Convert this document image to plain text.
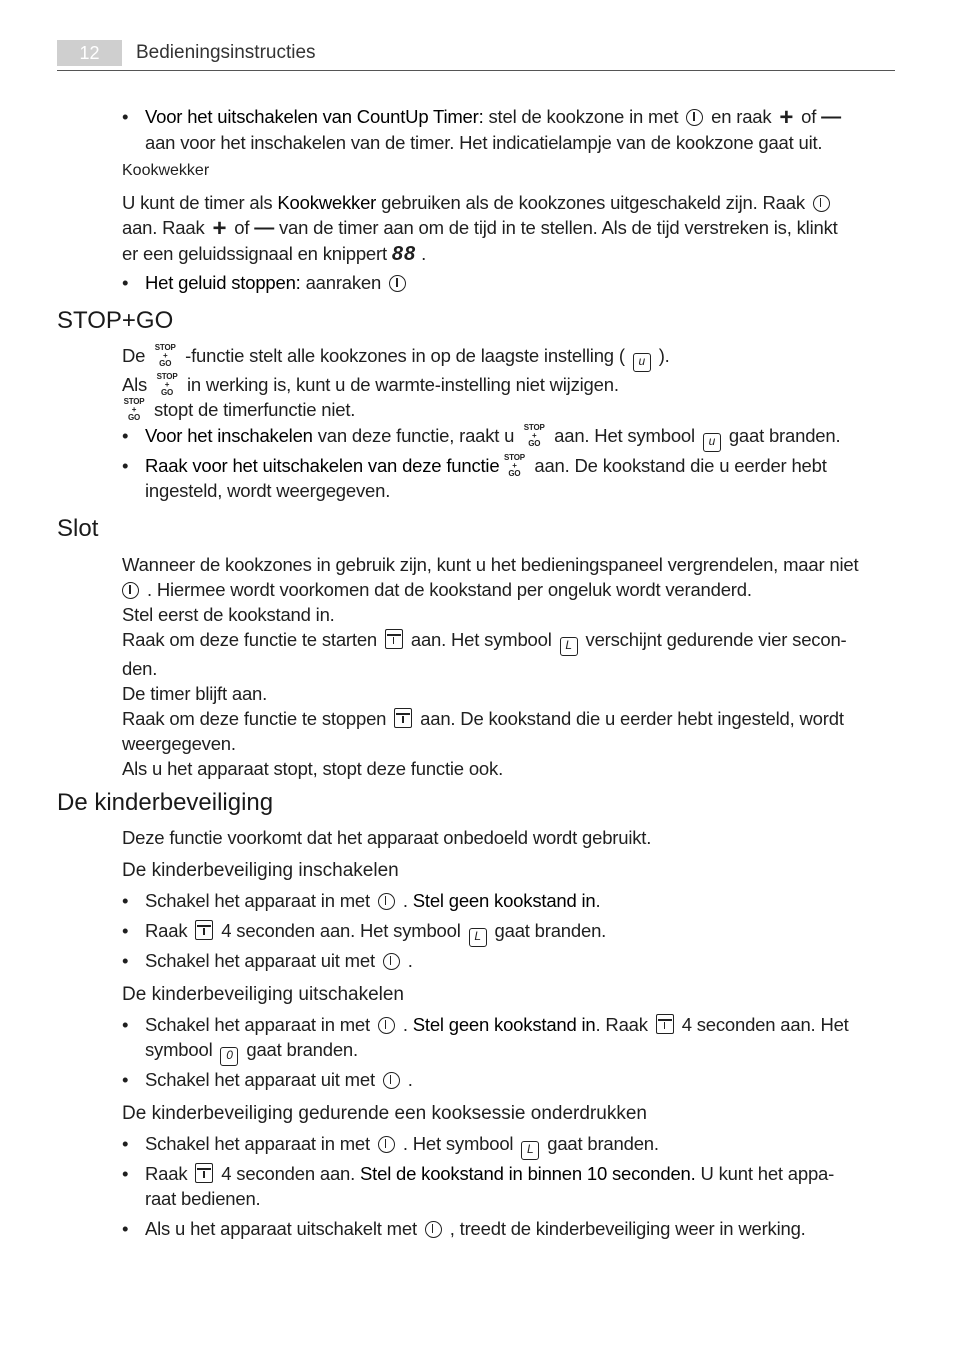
12	Bedieningsinstructies
• Voor het uitschakelen van CountUp Timer: stel de kookzone in met  en raak + of —
aan voor het inschakelen van de timer. Het indicatielampje van de kookzone gaat uit.
Kookwekker
U kunt de timer als Kookwekker gebruiken als de kookzones uitgeschakeld zijn. Raak
aan. Raak + of — van de timer aan om de tijd in te stellen. Als de tijd verstreken is, klinkt
er een geluidssignaal en knippert 88 .
• Het geluid stoppen: aanraken
STOP+GO
De STOP
+
GO -functie stelt alle kookzones in op de laagste instelling ( u ).
Als STOP
+
GO in werking is, kunt u de warmte-instelling niet wijzigen.
STOP
+
GO stopt de timerfunctie niet.
• Voor het inschakelen van deze functie, raakt u STOP
+
GO aan. Het symbool u gaat branden.
• Raak voor het uitschakelen van deze functie STOP
+
GO aan. De kookstand die u eerder hebt
ingesteld, wordt weergegeven.
Slot
Wanneer de kookzones in gebruik zijn, kunt u het bedieningspaneel vergrendelen, maar niet
. Hiermee wordt voorkomen dat de kookstand per ongeluk wordt veranderd.
Stel eerst de kookstand in.
Raak om deze functie te starten  aan. Het symbool L verschijnt gedurende vier secon-
den.
De timer blijft aan.
Raak om deze functie te stoppen  aan. De kookstand die u eerder hebt ingesteld, wordt
weergegeven.
Als u het apparaat stopt, stopt deze functie ook.
De kinderbeveiliging
Deze functie voorkomt dat het apparaat onbedoeld wordt gebruikt.
De kinderbeveiliging inschakelen
• Schakel het apparaat in met  . Stel geen kookstand in.
• Raak  4 seconden aan. Het symbool L gaat branden.
• Schakel het apparaat uit met  .
De kinderbeveiliging uitschakelen
• Schakel het apparaat in met  . Stel geen kookstand in. Raak  4 seconden aan. Het
symbool 0 gaat branden.
• Schakel het apparaat uit met  .
De kinderbeveiliging gedurende een kooksessie onderdrukken
• Schakel het apparaat in met  . Het symbool L gaat branden.
• Raak  4 seconden aan. Stel de kookstand in binnen 10 seconden. U kunt het appa-
raat bedienen.
• Als u het apparaat uitschakelt met  , treedt de kinderbeveiliging weer in werking.
